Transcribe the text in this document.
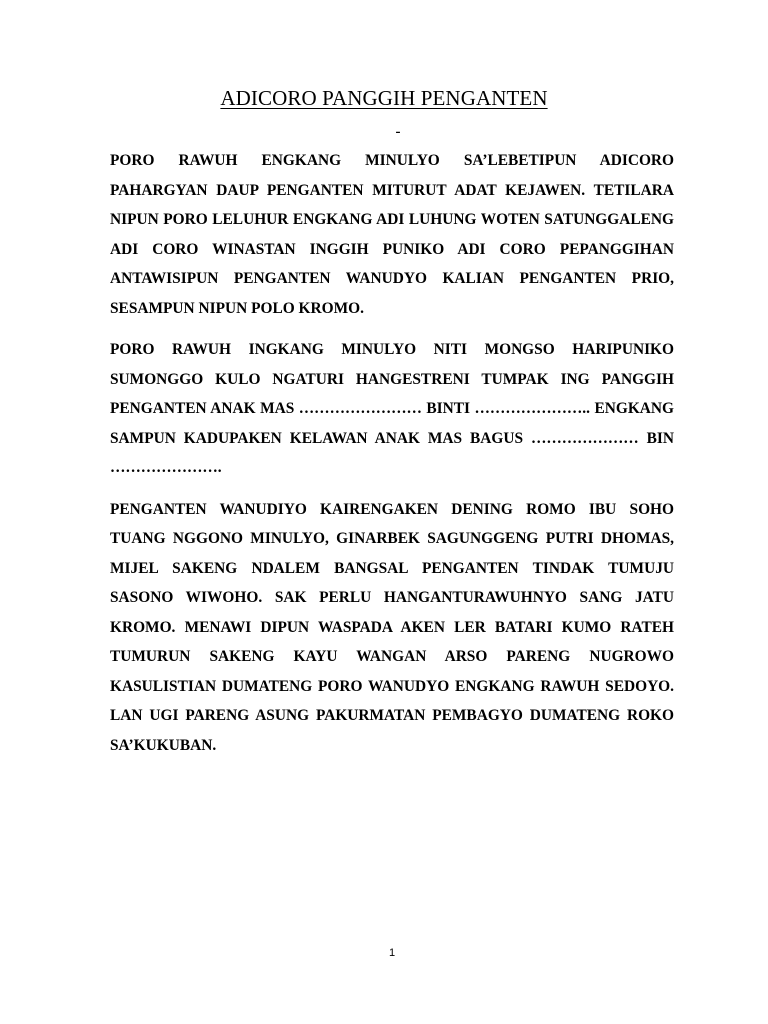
ADICORO PANGGIH PENGANTEN

-

PORO RAWUH ENGKANG MINULYO SA’LEBETIPUN ADICORO PAHARGYAN DAUP PENGANTEN MITURUT ADAT KEJAWEN. TETILARA NIPUN PORO LELUHUR ENGKANG ADI LUHUNG WOTEN SATUNGGALENG ADI CORO WINASTAN INGGIH PUNIKO ADI CORO PEPANGGIHAN ANTAWISIPUN PENGANTEN WANUDYO KALIAN PENGANTEN PRIO, SESAMPUN NIPUN POLO KROMO.

PORO RAWUH INGKANG MINULYO NITI MONGSO HARIPUNIKO SUMONGGO KULO NGATURI HANGESTRENI TUMPAK ING PANGGIH PENGANTEN ANAK MAS …………………… BINTI ………………….. ENGKANG SAMPUN KADUPAKEN KELAWAN ANAK MAS BAGUS ………………… BIN ………………….

PENGANTEN WANUDIYO KAIRENGAKEN DENING ROMO IBU SOHO TUANG NGGONO MINULYO, GINARBEK SAGUNGGENG PUTRI DHOMAS, MIJEL SAKENG NDALEM BANGSAL PENGANTEN TINDAK TUMUJU SASONO WIWOHO. SAK PERLU HANGANTURAWUHNYO SANG JATU KROMO. MENAWI DIPUN WASPADA AKEN LER BATARI KUMO RATEH TUMURUN SAKENG KAYU WANGAN ARSO PARENG NUGROWO KASULISTIAN DUMATENG PORO WANUDYO ENGKANG RAWUH SEDOYO. LAN UGI PARENG ASUNG PAKURMATAN PEMBAGYO DUMATENG ROKO SA’KUKUBAN.

1
